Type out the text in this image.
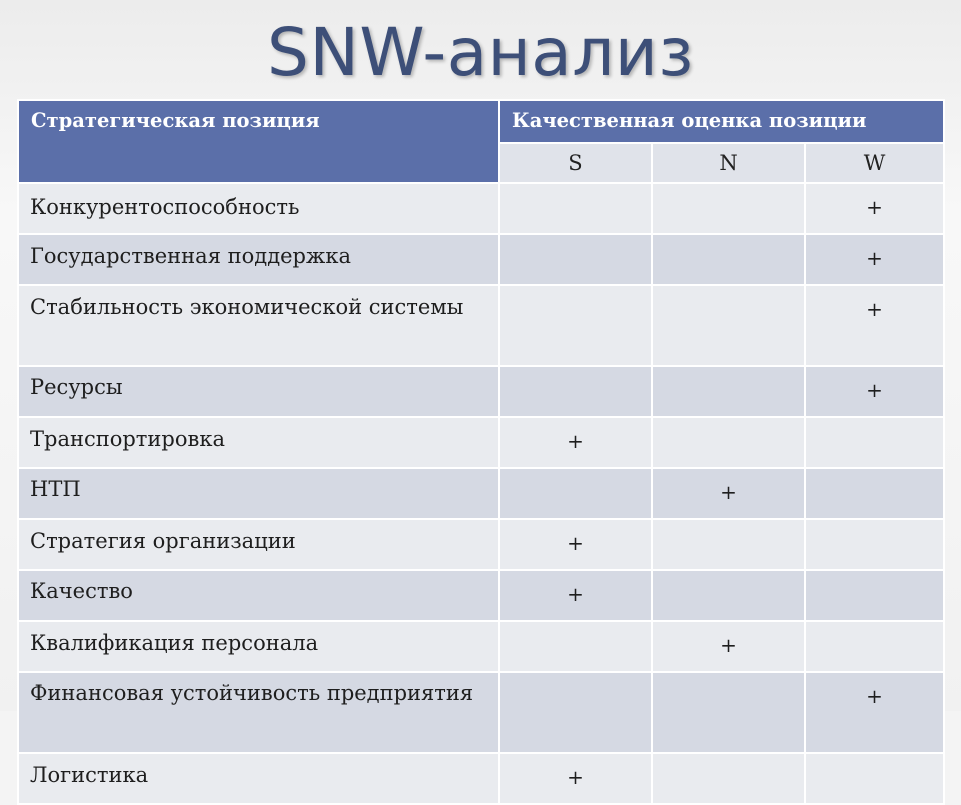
SNW-анализ
Стратегическая позиция	Качественная оценка позиции		
	S	N	W
Конкурентоспособность			+
Государственная поддержка			+
Стабильность экономической системы			+
Ресурсы			+
Транспортировка	+		
НТП		+	
Стратегия организации	+		
Качество	+		
Квалификация персонала		+	
Финансовая устойчивость предприятия			+
Логистика	+		
